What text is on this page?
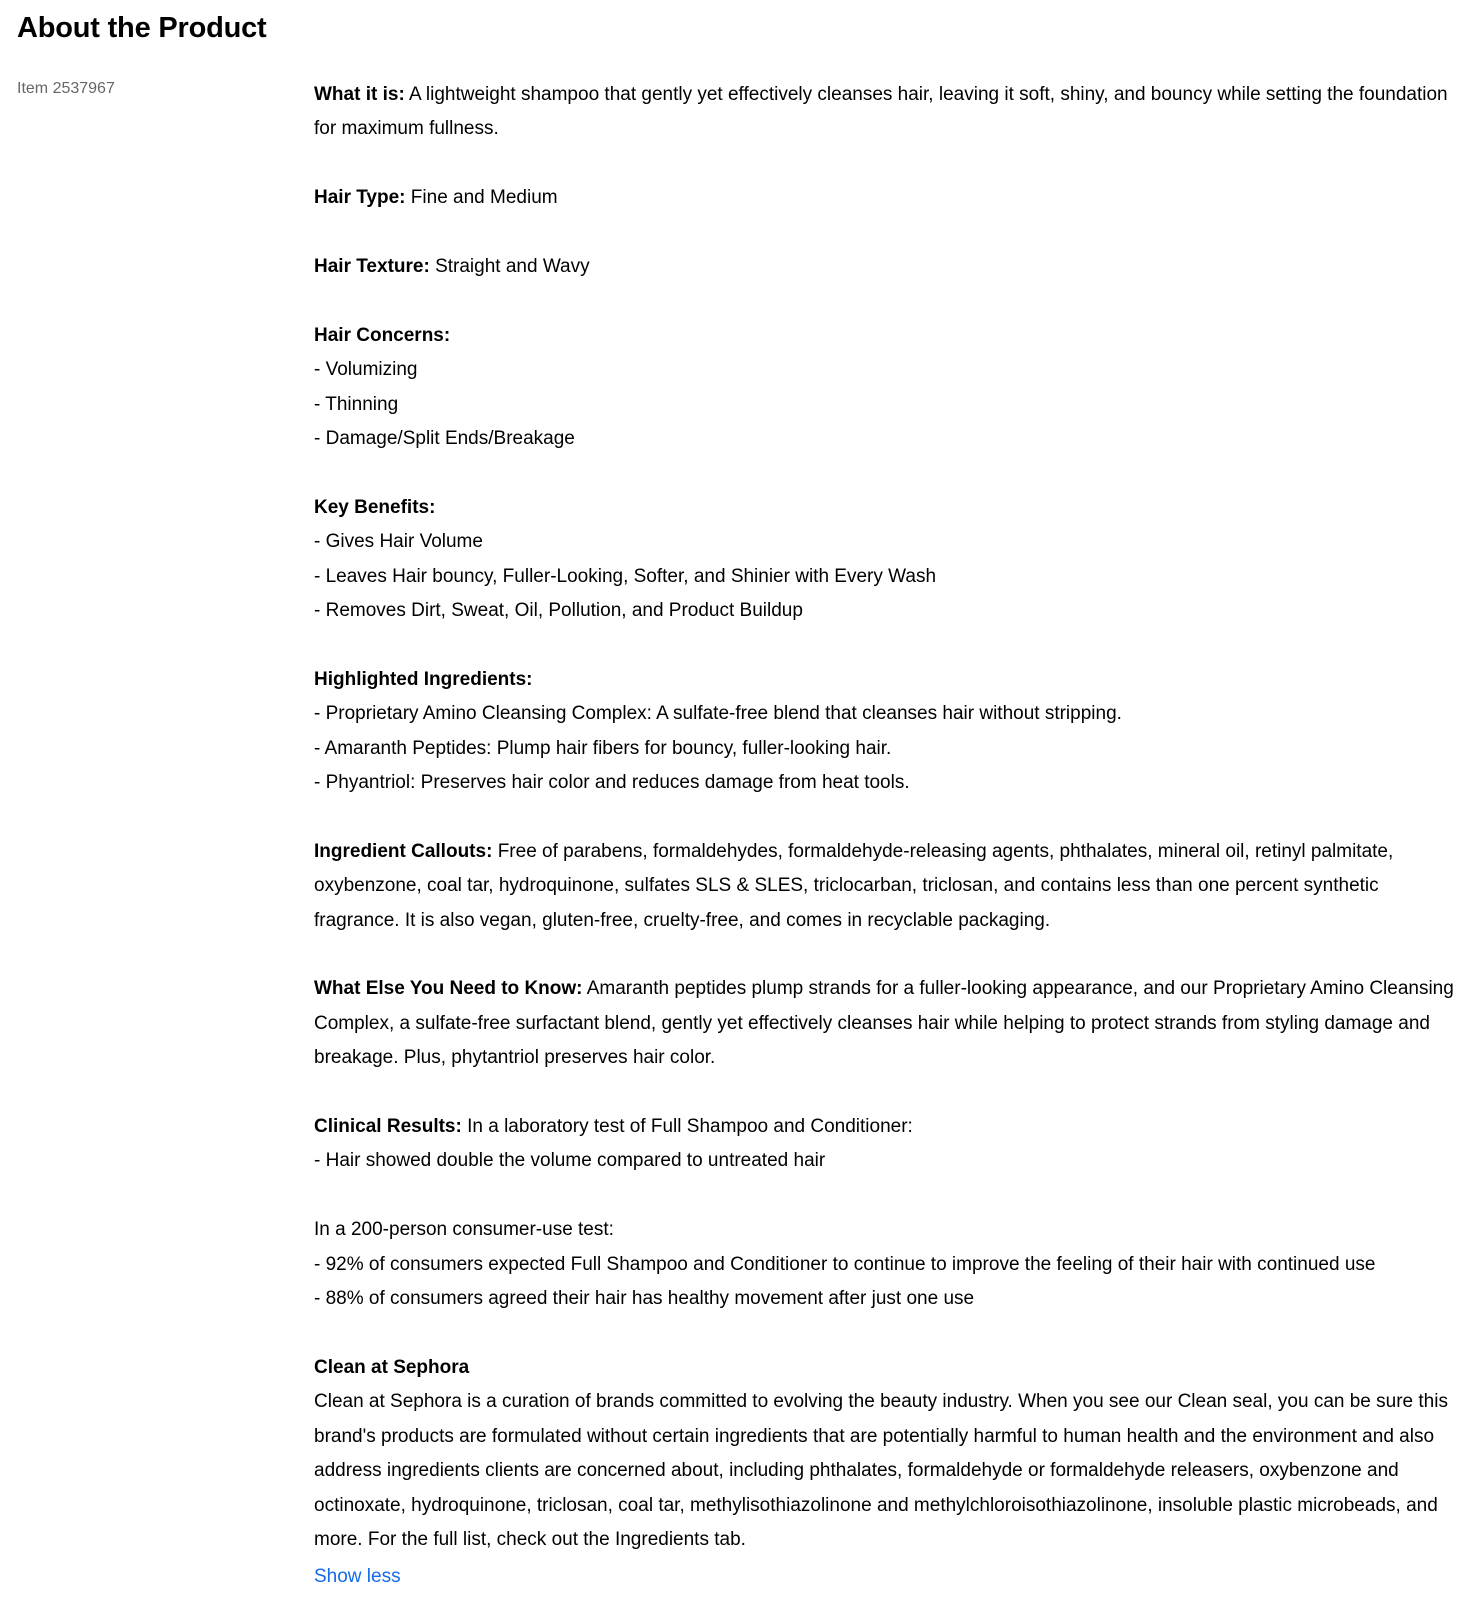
About the Product
Item 2537967	What it is: A lightweight shampoo that gently yet effectively cleanses hair, leaving it soft, shiny, and bouncy while setting the foundation for maximum fullness.

Hair Type: Fine and Medium

Hair Texture: Straight and Wavy

Hair Concerns:
- Volumizing
- Thinning
- Damage/Split Ends/Breakage
Key Benefits:
- Gives Hair Volume
- Leaves Hair bouncy, Fuller-Looking, Softer, and Shinier with Every Wash
- Removes Dirt, Sweat, Oil, Pollution, and Product Buildup
Highlighted Ingredients:
- Proprietary Amino Cleansing Complex: A sulfate-free blend that cleanses hair without stripping.
- Amaranth Peptides: Plump hair fibers for bouncy, fuller-looking hair.
- Phyantriol: Preserves hair color and reduces damage from heat tools.

Ingredient Callouts: Free of parabens, formaldehydes, formaldehyde-releasing agents, phthalates, mineral oil, retinyl palmitate, oxybenzone, coal tar, hydroquinone, sulfates SLS & SLES, triclocarban, triclosan, and contains less than one percent synthetic fragrance. It is also vegan, gluten-free, cruelty-free, and comes in recyclable packaging.

What Else You Need to Know: Amaranth peptides plump strands for a fuller-looking appearance, and our Proprietary Amino Cleansing Complex, a sulfate-free surfactant blend, gently yet effectively cleanses hair while helping to protect strands from styling damage and breakage. Plus, phytantriol preserves hair color.

Clinical Results: In a laboratory test of Full Shampoo and Conditioner:

- Hair showed double the volume compared to untreated hair
In a 200-person consumer-use test:
- 92% of consumers expected Full Shampoo and Conditioner to continue to improve the feeling of their hair with continued use
- 88% of consumers agreed their hair has healthy movement after just one use
Clean at Sephora
Clean at Sephora is a curation of brands committed to evolving the beauty industry. When you see our Clean seal, you can be sure this brand's products are formulated without certain ingredients that are potentially harmful to human health and the environment and also address ingredients clients are concerned about, including phthalates, formaldehyde or formaldehyde releasers, oxybenzone and octinoxate, hydroquinone, triclosan, coal tar, methylisothiazolinone and methylchloroisothiazolinone, insoluble plastic microbeads, and more. For the full list, check out the Ingredients tab.
Show less
